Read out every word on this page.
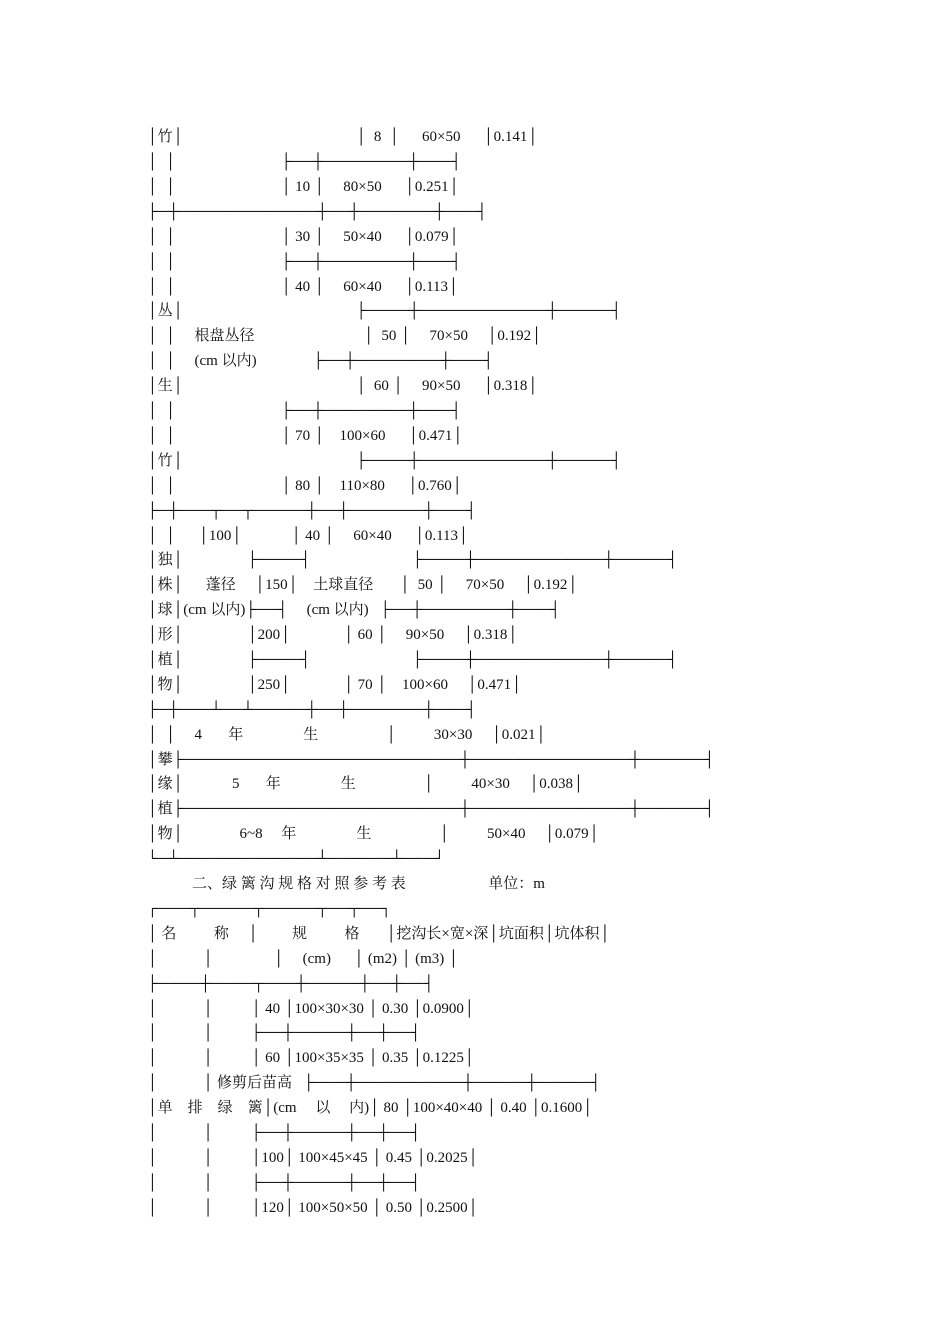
│竹│                                              │  8  │      60×50      │0.141│
│  │                            ├──┼────────┼───┤
│  │                            │ 10 │     80×50      │0.251│
├─┼─────────────┼──┼───────┼───┤
│  │                            │ 30 │     50×40      │0.079│
│  │                            ├──┼────────┼───┤
│  │                            │ 40 │     60×40      │0.113│
│丛│                                              ├────┼────────────┼─────┤
│  │     根盘丛径                             │  50 │     70×50     │0.192│
│  │     (cm 以内)               ├──┼────────┼───┤
│生│                                              │  60 │     90×50      │0.318│
│  │                            ├──┼────────┼───┤
│  │                            │ 70 │    100×60      │0.471│
│竹│                                              ├────┼────────────┼─────┤
│  │                            │ 80 │    110×80      │0.760│
├─┼───┬──┬─────┼──┼───────┼───┤
│  │      │100│             │ 40 │     60×40      │0.113│
│独│                 ├────┤                           ├────┼────────────┼─────┤
│株│      蓬径     │150│    土球直径       │  50 │     70×50     │0.192│
│球│(cm 以内)├──┤     (cm 以内)   ├──┼────────┼───┤
│形│                 │200│              │ 60 │     90×50     │0.318│
│植│                 ├────┤                           ├────┼────────────┼─────┤
│物│                 │250│              │ 70 │    100×60     │0.471│
├─┼───┴──┴─────┼──┼───────┼───┤
│  │     4       年                生                  │          30×30     │0.021│
│攀├──────────────────────────┼───────────────┼──────┤
│缘│             5       年                生                  │          40×30     │0.038│
│植├──────────────────────────┼───────────────┼──────┤
│物│               6~8     年                生                  │          50×40     │0.079│
└─┴─────────────┴──────┴───┘
二、绿 篱 沟 规 格 对 照 参 考 表                      单位：m
┌───┬─────┬─────┬──┬──┐
│ 名          称     │         规          格       │挖沟长×宽×深│坑面积│坑体积│
│            │                │     (cm)      │ (m2) │ (m3) │
├────┼────┬───┼─────┼──┼──┤
│            │          │ 40 │100×30×30 │ 0.30 │0.0900│
│            │          ├──┼─────┼──┼──┤
│            │          │ 60 │100×35×35 │ 0.35 │0.1225│
│            │ 修剪后苗高   ├───┼──────────┼─────┼─────┤
│单    排    绿    篱│(cm     以     内)│ 80 │100×40×40 │ 0.40 │0.1600│
│            │          ├──┼─────┼──┼──┤
│            │          │100│ 100×45×45 │ 0.45 │0.2025│
│            │          ├──┼─────┼──┼──┤
│            │          │120│ 100×50×50 │ 0.50 │0.2500│
